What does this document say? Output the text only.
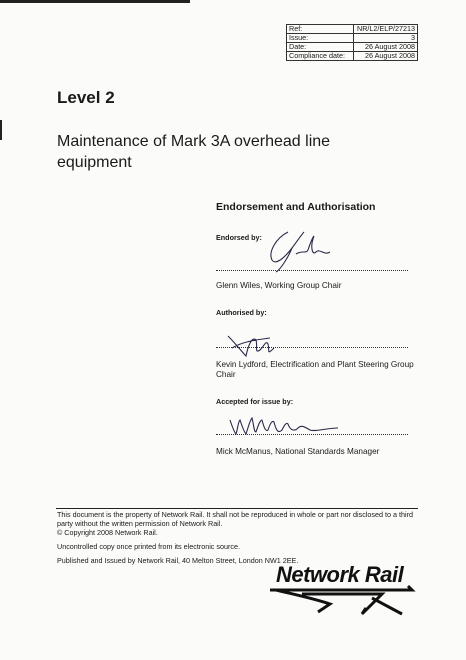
Ref:	NR/L2/ELP/27213
Issue:	3
Date:	26 August 2008
Compliance date:	26 August 2008
Level 2
Maintenance of Mark 3A overhead line equipment
Endorsement and Authorisation
Endorsed by:
Glenn Wiles, Working Group Chair
Authorised by:
Kevin Lydford, Electrification and Plant Steering Group Chair
Accepted for issue by:
Mick McManus, National Standards Manager
This document is the property of Network Rail. It shall not be reproduced in whole or part nor disclosed to a third party without the written permission of Network Rail.
© Copyright 2008 Network Rail.
Uncontrolled copy once printed from its electronic source.
Published and Issued by Network Rail, 40 Melton Street, London NW1 2EE.
Network Rail
